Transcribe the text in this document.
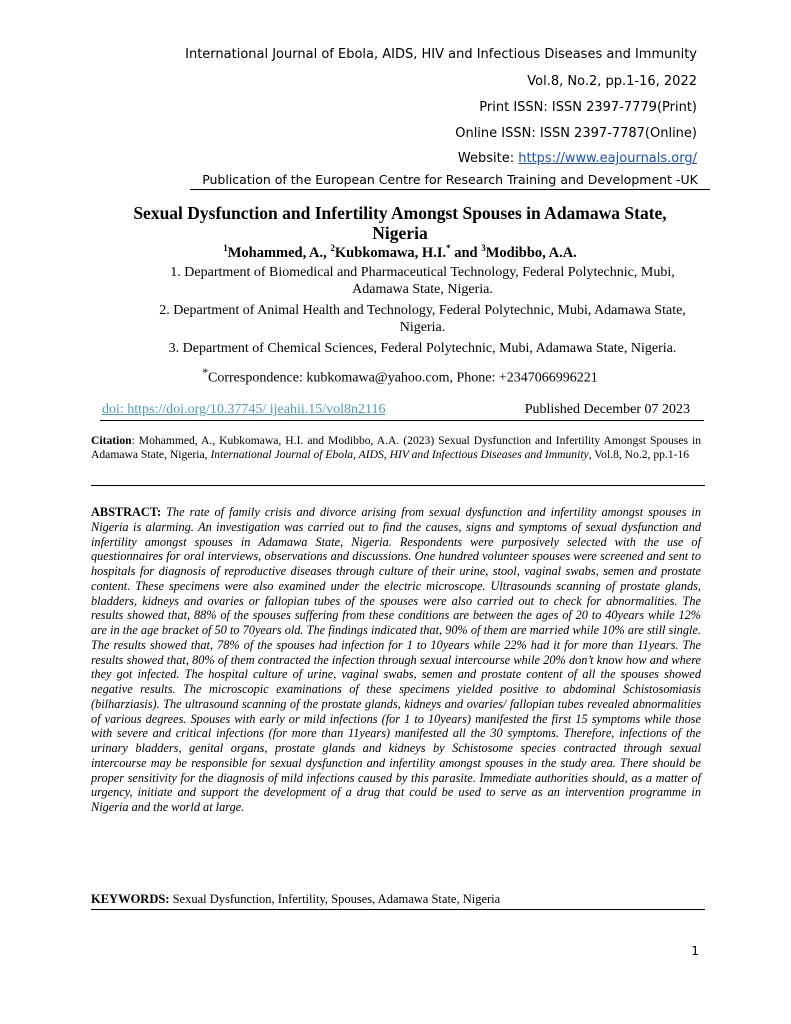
International Journal of Ebola, AIDS, HIV and Infectious Diseases and Immunity
Vol.8, No.2, pp.1-16, 2022
Print ISSN: ISSN 2397-7779(Print)
Online ISSN: ISSN 2397-7787(Online)
Website: https://www.eajournals.org/
Publication of the European Centre for Research Training and Development -UK
Sexual Dysfunction and Infertility Amongst Spouses in Adamawa State, Nigeria
$^1$Mohammed, A., $^2$Kubkomawa, H.I.* and $^3$Modibbo, A.A.
1. Department of Biomedical and Pharmaceutical Technology, Federal Polytechnic, Mubi, Adamawa State, Nigeria.
2. Department of Animal Health and Technology, Federal Polytechnic, Mubi, Adamawa State, Nigeria.
3. Department of Chemical Sciences, Federal Polytechnic, Mubi, Adamawa State, Nigeria.
*Correspondence: kubkomawa@yahoo.com, Phone: +2347066996221
doi: https://doi.org/10.37745/ ijeahii.15/vol8n2116	Published December 07 2023
Citation: Mohammed, A., Kubkomawa, H.I. and Modibbo, A.A. (2023) Sexual Dysfunction and Infertility Amongst Spouses in Adamawa State, Nigeria, International Journal of Ebola, AIDS, HIV and Infectious Diseases and Immunity, Vol.8, No.2, pp.1-16
ABSTRACT: The rate of family crisis and divorce arising from sexual dysfunction and infertility amongst spouses in Nigeria is alarming. An investigation was carried out to find the causes, signs and symptoms of sexual dysfunction and infertility amongst spouses in Adamawa State, Nigeria. Respondents were purposively selected with the use of questionnaires for oral interviews, observations and discussions. One hundred volunteer spouses were screened and sent to hospitals for diagnosis of reproductive diseases through culture of their urine, stool, vaginal swabs, semen and prostate content. These specimens were also examined under the electric microscope. Ultrasounds scanning of prostate glands, bladders, kidneys and ovaries or fallopian tubes of the spouses were also carried out to check for abnormalities. The results showed that, 88% of the spouses suffering from these conditions are between the ages of 20 to 40years while 12% are in the age bracket of 50 to 70years old. The findings indicated that, 90% of them are married while 10% are still single. The results showed that, 78% of the spouses had infection for 1 to 10years while 22% had it for more than 11years. The results showed that, 80% of them contracted the infection through sexual intercourse while 20% don’t know how and where they got infected. The hospital culture of urine, vaginal swabs, semen and prostate content of all the spouses showed negative results. The microscopic examinations of these specimens yielded positive to abdominal Schistosomiasis (bilharziasis). The ultrasound scanning of the prostate glands, kidneys and ovaries/ fallopian tubes revealed abnormalities of various degrees. Spouses with early or mild infections (for 1 to 10years) manifested the first 15 symptoms while those with severe and critical infections (for more than 11years) manifested all the 30 symptoms. Therefore, infections of the urinary bladders, genital organs, prostate glands and kidneys by Schistosome species contracted through sexual intercourse may be responsible for sexual dysfunction and infertility amongst spouses in the study area. There should be proper sensitivity for the diagnosis of mild infections caused by this parasite. Immediate authorities should, as a matter of urgency, initiate and support the development of a drug that could be used to serve as an intervention programme in Nigeria and the world at large.
KEYWORDS: Sexual Dysfunction, Infertility, Spouses, Adamawa State, Nigeria
1
